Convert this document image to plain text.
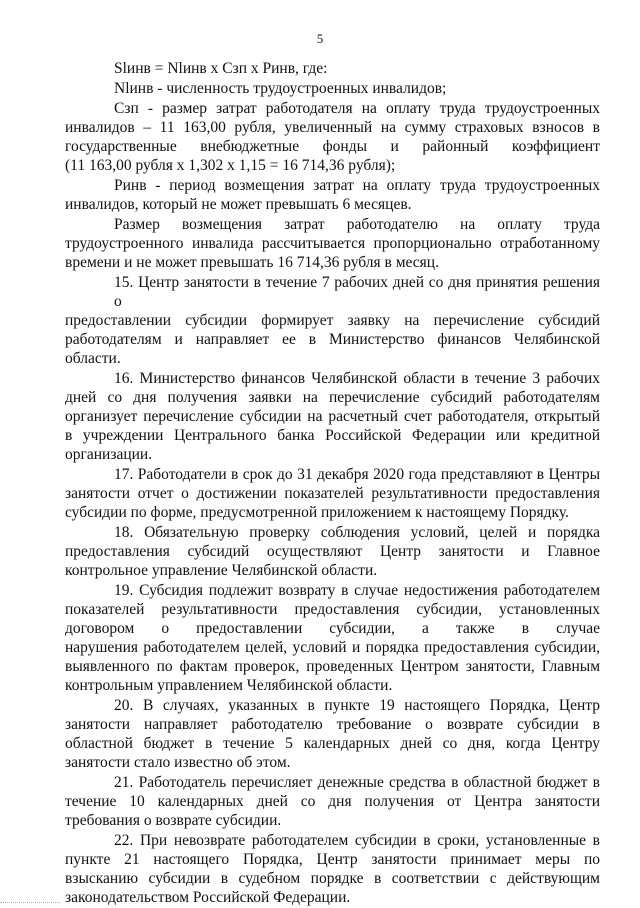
5
Slинв = Nlинв х Сзп х Ринв, где:
Nlинв - численность трудоустроенных инвалидов;
Сзп - размер затрат работодателя на оплату труда трудоустроенных
инвалидов – 11 163,00 рубля, увеличенный на сумму страховых взносов в
государственные внебюджетные фонды и районный коэффициент
(11 163,00 рубля х 1,302 х 1,15 = 16 714,36 рубля);
Ринв - период возмещения затрат на оплату труда трудоустроенных
инвалидов, который не может превышать 6 месяцев.
Размер возмещения затрат работодателю на оплату труда
трудоустроенного инвалида рассчитывается пропорционально отработанному
времени и не может превышать 16 714,36 рубля в месяц.
15. Центр занятости в течение 7 рабочих дней со дня принятия решения о
предоставлении субсидии формирует заявку на перечисление субсидий
работодателям и направляет ее в Министерство финансов Челябинской
области.
16. Министерство финансов Челябинской области в течение 3 рабочих
дней со дня получения заявки на перечисление субсидий работодателям
организует перечисление субсидии на расчетный счет работодателя, открытый
в учреждении Центрального банка Российской Федерации или кредитной
организации.
17. Работодатели в срок до 31 декабря 2020 года представляют в Центры
занятости отчет о достижении показателей результативности предоставления
субсидии по форме, предусмотренной приложением к настоящему Порядку.
18. Обязательную проверку соблюдения условий, целей и порядка
предоставления субсидий осуществляют Центр занятости и Главное
контрольное управление Челябинской области.
19. Субсидия подлежит возврату в случае недостижения работодателем
показателей результативности предоставления субсидии, установленных
договором о предоставлении субсидии, а также в случае
нарушения работодателем целей, условий и порядка предоставления субсидии,
выявленного по фактам проверок, проведенных Центром занятости, Главным
контрольным управлением Челябинской области.
20. В случаях, указанных в пункте 19 настоящего Порядка, Центр
занятости направляет работодателю требование о возврате субсидии в
областной бюджет в течение 5 календарных дней со дня, когда Центру
занятости стало известно об этом.
21. Работодатель перечисляет денежные средства в областной бюджет в
течение 10 календарных дней со дня получения от Центра занятости
требования о возврате субсидии.
22. При невозврате работодателем субсидии в сроки, установленные в
пункте 21 настоящего Порядка, Центр занятости принимает меры по
взысканию субсидии в судебном порядке в соответствии с действующим
законодательством Российской Федерации.
